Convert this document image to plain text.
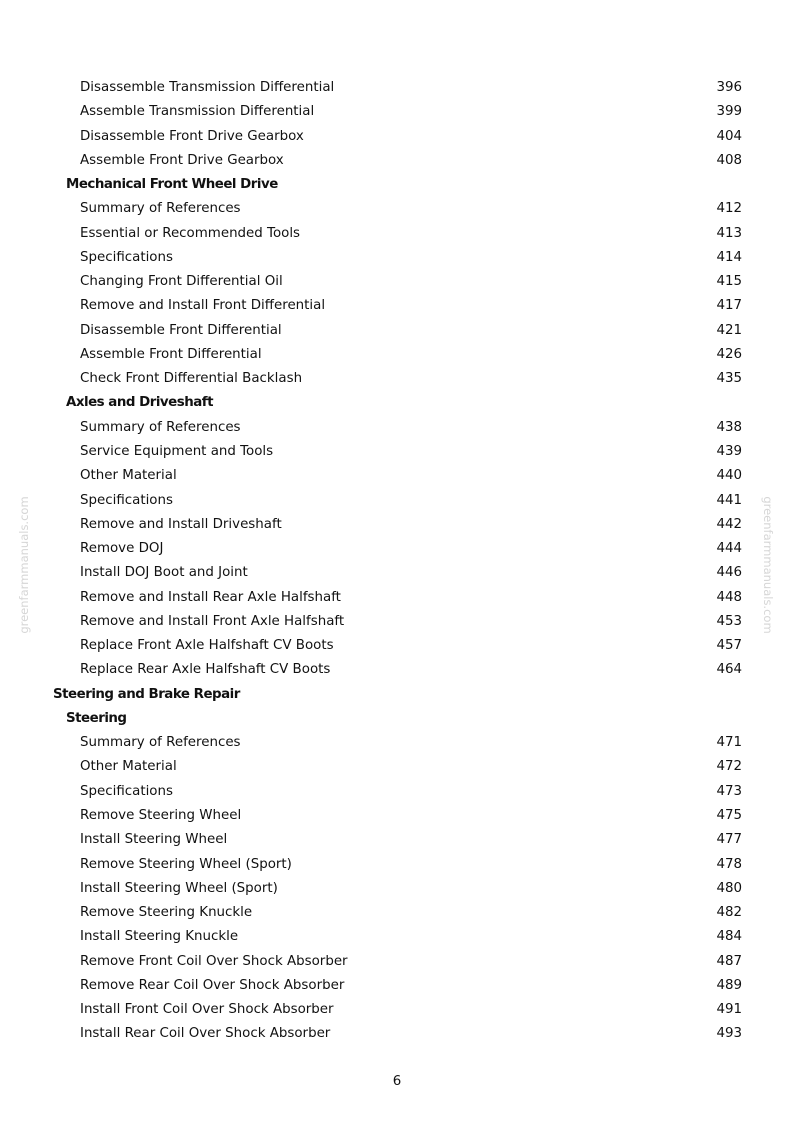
greenfarmmanuals.com	greenfarmmanuals.com
Disassemble Transmission Differential	396
Assemble Transmission Differential	399
Disassemble Front Drive Gearbox	404
Assemble Front Drive Gearbox	408
Mechanical Front Wheel Drive
Summary of References	412
Essential or Recommended Tools	413
Specifications	414
Changing Front Differential Oil	415
Remove and Install Front Differential	417
Disassemble Front Differential	421
Assemble Front Differential	426
Check Front Differential Backlash	435
Axles and Driveshaft
Summary of References	438
Service Equipment and Tools	439
Other Material	440
Specifications	441
Remove and Install Driveshaft	442
Remove DOJ	444
Install DOJ Boot and Joint	446
Remove and Install Rear Axle Halfshaft	448
Remove and Install Front Axle Halfshaft	453
Replace Front Axle Halfshaft CV Boots	457
Replace Rear Axle Halfshaft CV Boots	464
Steering and Brake Repair
Steering
Summary of References	471
Other Material	472
Specifications	473
Remove Steering Wheel	475
Install Steering Wheel	477
Remove Steering Wheel (Sport)	478
Install Steering Wheel (Sport)	480
Remove Steering Knuckle	482
Install Steering Knuckle	484
Remove Front Coil Over Shock Absorber	487
Remove Rear Coil Over Shock Absorber	489
Install Front Coil Over Shock Absorber	491
Install Rear Coil Over Shock Absorber	493
6
